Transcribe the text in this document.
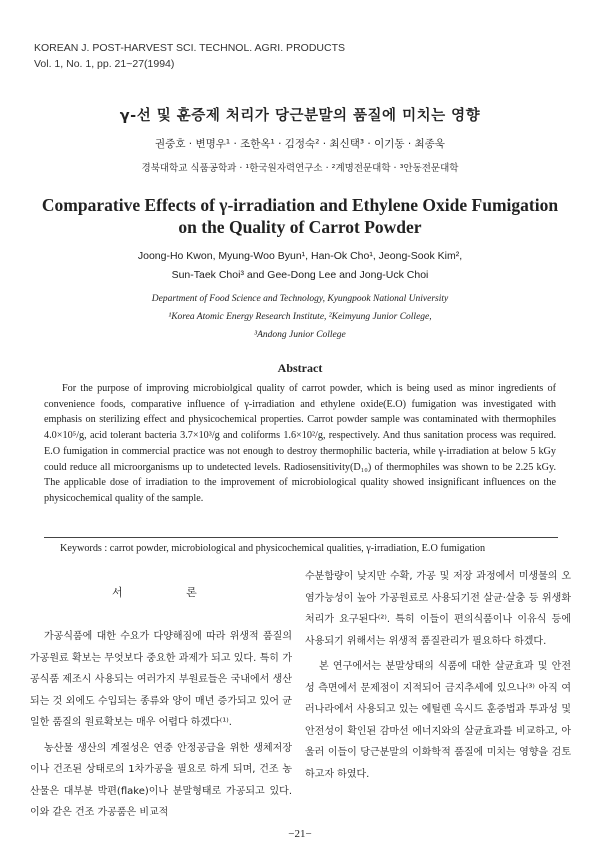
KOREAN J. POST-HARVEST SCI. TECHNOL. AGRI. PRODUCTS
Vol. 1, No. 1, pp. 21~27(1994)
γ-선 및 훈증제 처리가 당근분말의 품질에 미치는 영향
권중호 · 변명우¹ · 조한옥¹ · 김정숙² · 최신택³ · 이기동 · 최종욱
경북대학교 식품공학과 · ¹한국원자력연구소 · ²계명전문대학 · ³안동전문대학
Comparative Effects of γ-irradiation and Ethylene Oxide Fumigation
on the Quality of Carrot Powder
Joong-Ho Kwon, Myung-Woo Byun¹, Han-Ok Cho¹, Jeong-Sook Kim²,
Sun-Taek Choi³ and Gee-Dong Lee and Jong-Uck Choi
Department of Food Science and Technology, Kyungpook National University
¹Korea Atomic Energy Research Institute, ²Keimyung Junior College,
³Andong Junior College
Abstract
For the purpose of improving microbiolgical quality of carrot powder, which is being used as minor ingredients of convenience foods, comparative influence of γ-irradiation and ethylene oxide(E.O) fumigation was investigated with emphasis on sterilizing effect and physicochemical properties. Carrot powder sample was contaminated with thermophiles 4.0×10⁵/g, acid tolerant bacteria 3.7×10³/g and coliforms 1.6×10²/g, respectively. And thus sanitation process was required. E.O fumigation in commercial practice was not enough to destroy thermophilic bacteria, while γ-irradiation at below 5 kGy could reduce all microorganisms up to undetected levels. Radiosensitivity(D₁₀) of thermophiles was shown to be 2.25 kGy. The applicable dose of irradiation to the improvement of microbiological quality showed insignificant influences on the physicochemical quality of the sample.
Keywords : carrot powder, microbiological and physicochemical qualities, γ-irradiation, E.O fumigation
서 론

가공식품에 대한 수요가 다양해짐에 따라 위생적 품질의 가공원료 확보는 무엇보다 중요한 과제가 되고 있다. 특히 가공식품 제조시 사용되는 여러가지 부원료들은 국내에서 생산되는 것 외에도 수입되는 종류와 양이 매년 증가되고 있어 균일한 품질의 원료확보는 매우 어렵다 하겠다⁽¹⁾.

농산물 생산의 계절성은 연중 안정공급을 위한 생체저장이나 건조된 상태로의 1차가공을 필요로 하게 되며, 건조 농산물은 대부분 박편(flake)이나 분말형태로 가공되고 있다. 이와 같은 건조 가공품은 비교적

수분함량이 낮지만 수확, 가공 및 저장 과정에서 미생물의 오염가능성이 높아 가공원료로 사용되기전 살균·살충 등 위생화 처리가 요구된다⁽²⁾. 특히 이들이 편의식품이나 이유식 등에 사용되기 위해서는 위생적 품질관리가 필요하다 하겠다.

본 연구에서는 분말상태의 식품에 대한 살균효과 및 안전성 측면에서 문제점이 지적되어 금지추세에 있으나⁽³⁾ 아직 여러나라에서 사용되고 있는 에틸렌 옥시드 훈증법과 투과성 및 안전성이 확인된 감마선 에너지와의 살균효과를 비교하고, 아울러 이들이 당근분말의 이화학적 품질에 미치는 영향을 검토하고자 하였다.

−21−
